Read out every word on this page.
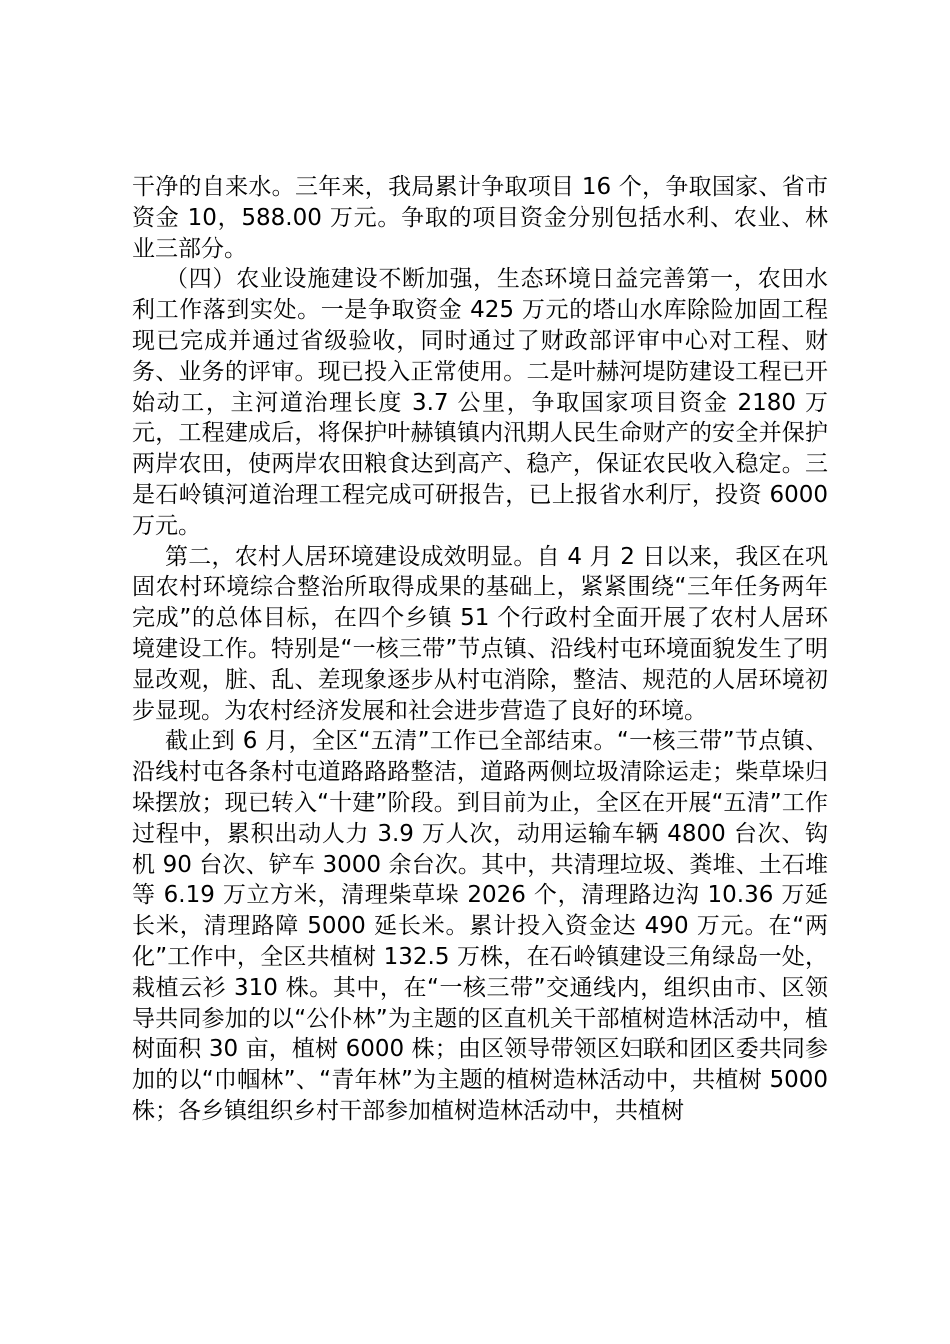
干净的自来水。三年来，我局累计争取项目 16 个，争取国家、省市资金 10，588.00 万元。争取的项目资金分别包括水利、农业、林业三部分。

（四）农业设施建设不断加强，生态环境日益完善第一，农田水利工作落到实处。一是争取资金 425 万元的塔山水库除险加固工程现已完成并通过省级验收，同时通过了财政部评审中心对工程、财务、业务的评审。现已投入正常使用。二是叶赫河堤防建设工程已开始动工，主河道治理长度 3.7 公里，争取国家项目资金 2180 万元，工程建成后，将保护叶赫镇镇内汛期人民生命财产的安全并保护两岸农田，使两岸农田粮食达到高产、稳产，保证农民收入稳定。三是石岭镇河道治理工程完成可研报告，已上报省水利厅，投资 6000 万元。

第二，农村人居环境建设成效明显。自 4 月 2 日以来，我区在巩固农村环境综合整治所取得成果的基础上，紧紧围绕“三年任务两年完成”的总体目标，在四个乡镇 51 个行政村全面开展了农村人居环境建设工作。特别是“一核三带”节点镇、沿线村屯环境面貌发生了明显改观，脏、乱、差现象逐步从村屯消除，整洁、规范的人居环境初步显现。为农村经济发展和社会进步营造了良好的环境。

截止到 6 月，全区“五清”工作已全部结束。“一核三带”节点镇、沿线村屯各条村屯道路路路整洁，道路两侧垃圾清除运走；柴草垛归垛摆放；现已转入“十建”阶段。到目前为止，全区在开展“五清”工作过程中，累积出动人力 3.9 万人次，动用运输车辆 4800 台次、钩机 90 台次、铲车 3000 余台次。其中，共清理垃圾、粪堆、土石堆等 6.19 万立方米，清理柴草垛 2026 个，清理路边沟 10.36 万延长米，清理路障 5000 延长米。累计投入资金达 490 万元。在“两化”工作中，全区共植树 132.5 万株，在石岭镇建设三角绿岛一处，栽植云衫 310 株。其中，在“一核三带”交通线内，组织由市、区领导共同参加的以“公仆林”为主题的区直机关干部植树造林活动中，植树面积 30 亩，植树 6000 株；由区领导带领区妇联和团区委共同参加的以“巾帼林”、“青年林”为主题的植树造林活动中，共植树 5000 株；各乡镇组织乡村干部参加植树造林活动中，共植树
